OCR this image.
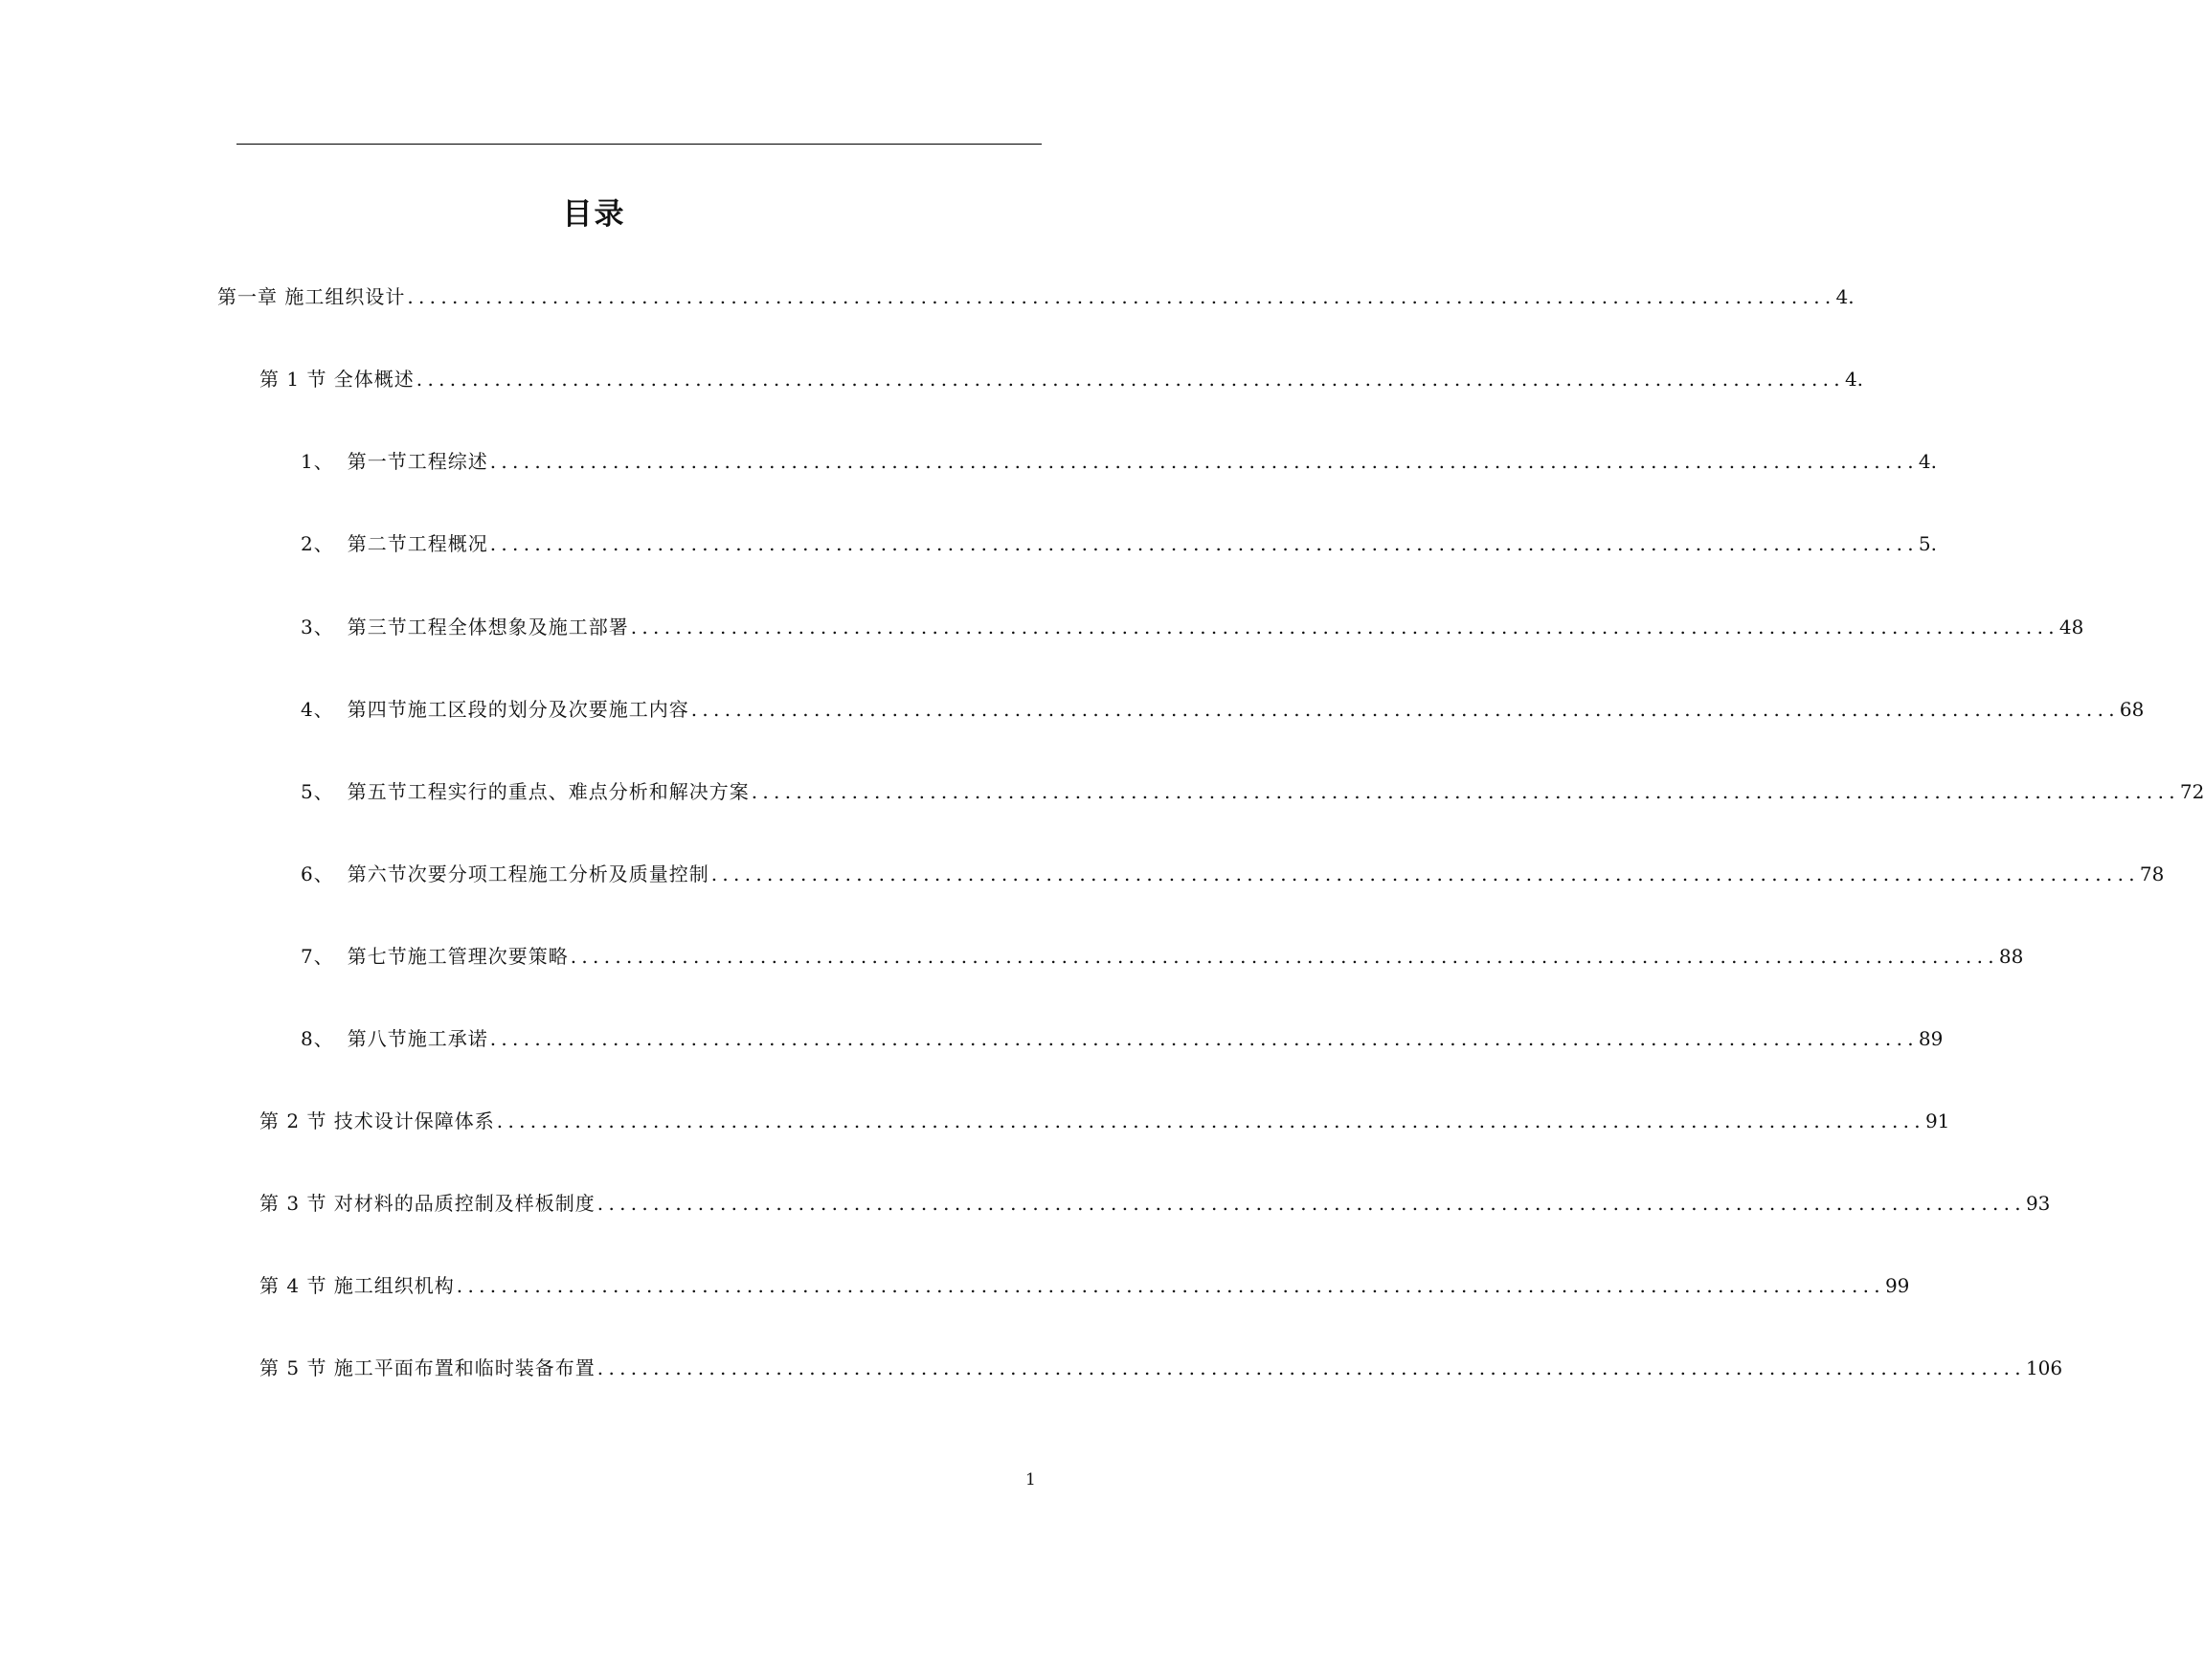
目录
第一章 施工组织设计 ................................................................................................................................ 4.
第 1 节 全体概述 ................................................................................................................................ 4.
1、 第一节工程综述 ................................................................................................................................ 4.
2、 第二节工程概况 ................................................................................................................................ 5.
3、 第三节工程全体想象及施工部署 ................................................................................................................................ 48
4、 第四节施工区段的划分及次要施工内容 ................................................................................................................................ 68
5、 第五节工程实行的重点、难点分析和解决方案 ................................................................................................................................ 72
6、 第六节次要分项工程施工分析及质量控制 ................................................................................................................................ 78
7、 第七节施工管理次要策略 ................................................................................................................................ 88
8、 第八节施工承诺 ................................................................................................................................ 89
第 2 节 技术设计保障体系 ................................................................................................................................ 91
第 3 节 对材料的品质控制及样板制度 ................................................................................................................................ 93
第 4 节 施工组织机构 ................................................................................................................................ 99
第 5 节 施工平面布置和临时装备布置 ................................................................................................................................ 106
1
